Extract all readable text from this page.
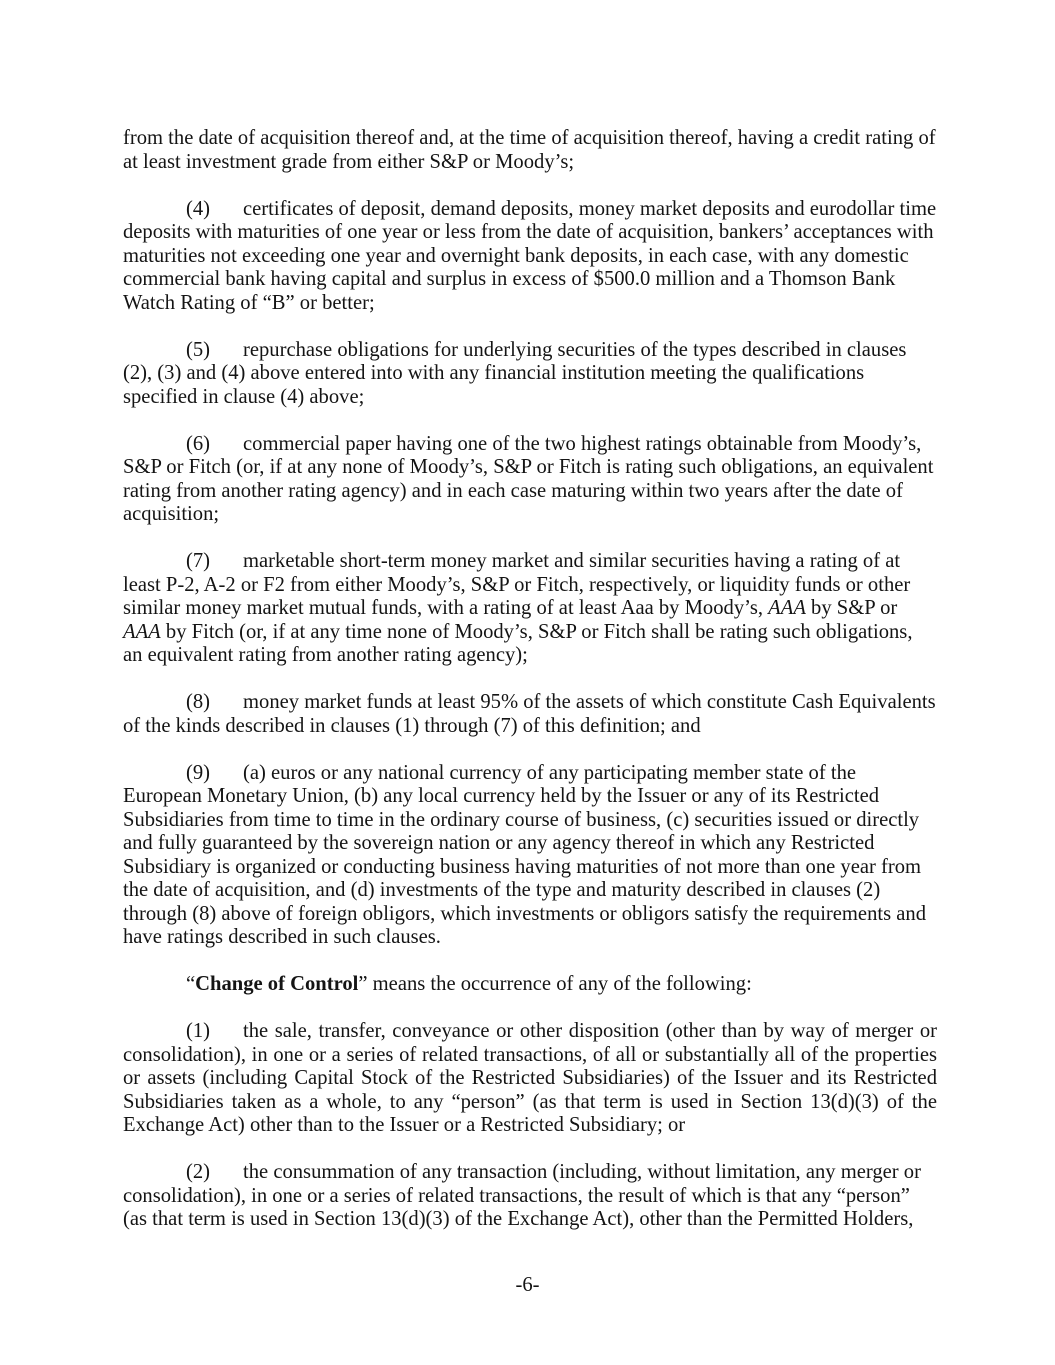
from the date of acquisition thereof and, at the time of acquisition thereof, having a credit rating of at least investment grade from either S&P or Moody’s;

(4) certificates of deposit, demand deposits, money market deposits and eurodollar time deposits with maturities of one year or less from the date of acquisition, bankers’ acceptances with maturities not exceeding one year and overnight bank deposits, in each case, with any domestic commercial bank having capital and surplus in excess of $500.0 million and a Thomson Bank Watch Rating of “B” or better;

(5) repurchase obligations for underlying securities of the types described in clauses (2), (3) and (4) above entered into with any financial institution meeting the qualifications specified in clause (4) above;

(6) commercial paper having one of the two highest ratings obtainable from Moody’s, S&P or Fitch (or, if at any none of Moody’s, S&P or Fitch is rating such obligations, an equivalent rating from another rating agency) and in each case maturing within two years after the date of acquisition;

(7) marketable short-term money market and similar securities having a rating of at least P-2, A-2 or F2 from either Moody’s, S&P or Fitch, respectively, or liquidity funds or other similar money market mutual funds, with a rating of at least Aaa by Moody’s, AAA by S&P or AAA by Fitch (or, if at any time none of Moody’s, S&P or Fitch shall be rating such obligations, an equivalent rating from another rating agency);

(8) money market funds at least 95% of the assets of which constitute Cash Equivalents of the kinds described in clauses (1) through (7) of this definition; and

(9) (a) euros or any national currency of any participating member state of the European Monetary Union, (b) any local currency held by the Issuer or any of its Restricted Subsidiaries from time to time in the ordinary course of business, (c) securities issued or directly and fully guaranteed by the sovereign nation or any agency thereof in which any Restricted Subsidiary is organized or conducting business having maturities of not more than one year from the date of acquisition, and (d) investments of the type and maturity described in clauses (2) through (8) above of foreign obligors, which investments or obligors satisfy the requirements and have ratings described in such clauses.

“Change of Control” means the occurrence of any of the following:

(1) the sale, transfer, conveyance or other disposition (other than by way of merger or consolidation), in one or a series of related transactions, of all or substantially all of the properties or assets (including Capital Stock of the Restricted Subsidiaries) of the Issuer and its Restricted Subsidiaries taken as a whole, to any “person” (as that term is used in Section 13(d)(3) of the Exchange Act) other than to the Issuer or a Restricted Subsidiary; or

(2) the consummation of any transaction (including, without limitation, any merger or consolidation), in one or a series of related transactions, the result of which is that any “person” (as that term is used in Section 13(d)(3) of the Exchange Act), other than the Permitted Holders,

-6-
